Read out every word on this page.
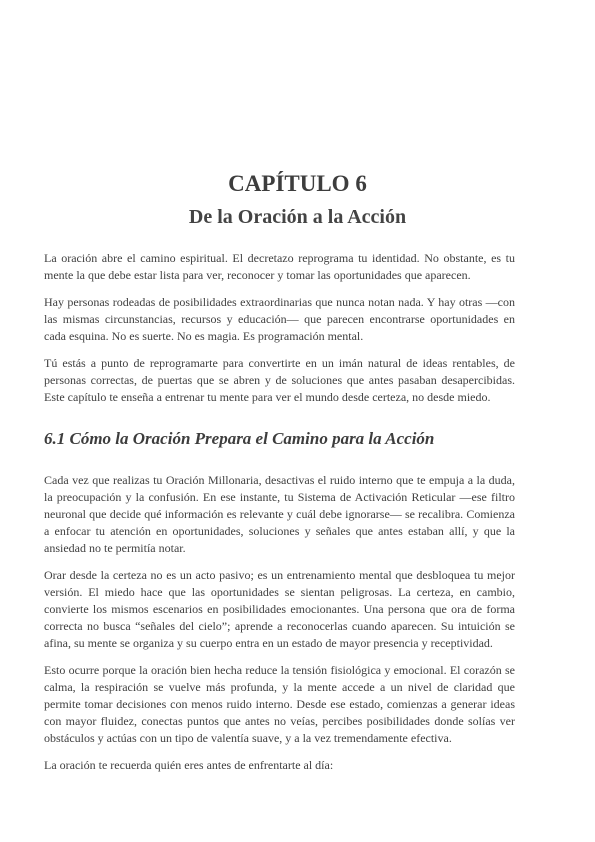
CAPÍTULO 6
De la Oración a la Acción

La oración abre el camino espiritual. El decretazo reprograma tu identidad. No obstante, es tu mente la que debe estar lista para ver, reconocer y tomar las oportunidades que aparecen.

Hay personas rodeadas de posibilidades extraordinarias que nunca notan nada. Y hay otras —con las mismas circunstancias, recursos y educación— que parecen encontrarse oportunidades en cada esquina. No es suerte. No es magia. Es programación mental.

Tú estás a punto de reprogramarte para convertirte en un imán natural de ideas rentables, de personas correctas, de puertas que se abren y de soluciones que antes pasaban desapercibidas. Este capítulo te enseña a entrenar tu mente para ver el mundo desde certeza, no desde miedo.

6.1 Cómo la Oración Prepara el Camino para la Acción

Cada vez que realizas tu Oración Millonaria, desactivas el ruido interno que te empuja a la duda, la preocupación y la confusión. En ese instante, tu Sistema de Activación Reticular —ese filtro neuronal que decide qué información es relevante y cuál debe ignorarse— se recalibra. Comienza a enfocar tu atención en oportunidades, soluciones y señales que antes estaban allí, y que la ansiedad no te permitía notar.

Orar desde la certeza no es un acto pasivo; es un entrenamiento mental que desbloquea tu mejor versión. El miedo hace que las oportunidades se sientan peligrosas. La certeza, en cambio, convierte los mismos escenarios en posibilidades emocionantes. Una persona que ora de forma correcta no busca “señales del cielo”; aprende a reconocerlas cuando aparecen. Su intuición se afina, su mente se organiza y su cuerpo entra en un estado de mayor presencia y receptividad.

Esto ocurre porque la oración bien hecha reduce la tensión fisiológica y emocional. El corazón se calma, la respiración se vuelve más profunda, y la mente accede a un nivel de claridad que permite tomar decisiones con menos ruido interno. Desde ese estado, comienzas a generar ideas con mayor fluidez, conectas puntos que antes no veías, percibes posibilidades donde solías ver obstáculos y actúas con un tipo de valentía suave, y a la vez tremendamente efectiva.

La oración te recuerda quién eres antes de enfrentarte al día:
